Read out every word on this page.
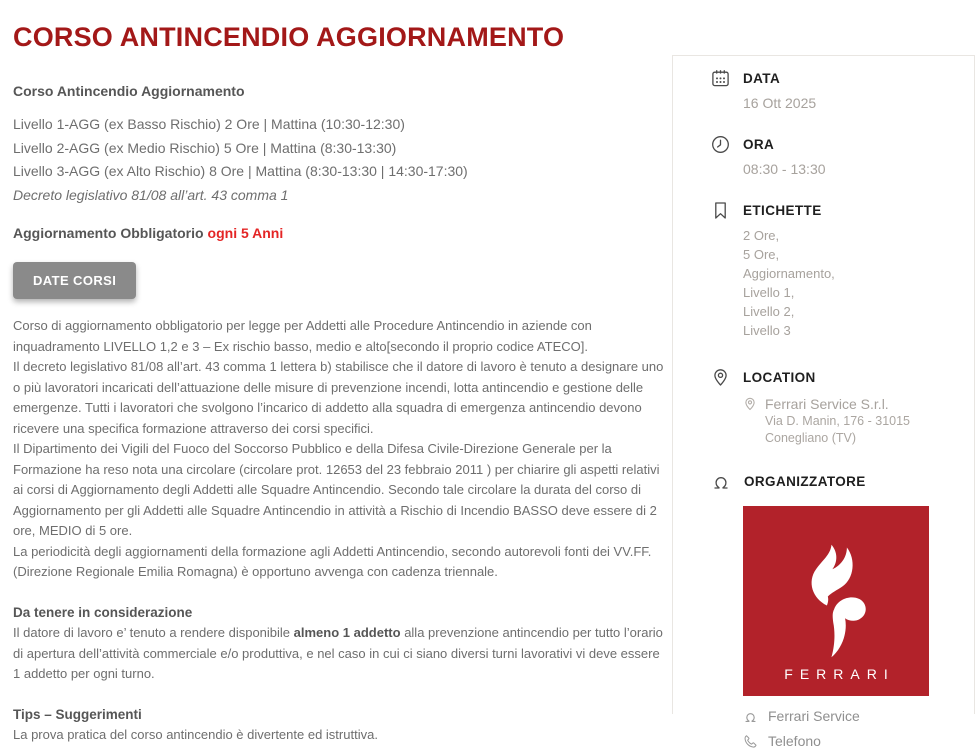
CORSO ANTINCENDIO AGGIORNAMENTO
Corso Antincendio Aggiornamento
Livello 1-AGG (ex Basso Rischio) 2 Ore | Mattina (10:30-12:30)
Livello 2-AGG (ex Medio Rischio) 5 Ore | Mattina (8:30-13:30)
Livello 3-AGG (ex Alto Rischio) 8 Ore | Mattina (8:30-13:30 | 14:30-17:30)
Decreto legislativo 81/08 all’art. 43 comma 1
Aggiornamento Obbligatorio ogni 5 Anni
DATE CORSI

Corso di aggiornamento obbligatorio per legge per Addetti alle Procedure Antincendio in aziende con inquadramento LIVELLO 1,2 e 3 – Ex rischio basso, medio e alto[secondo il proprio codice ATECO].

Il decreto legislativo 81/08 all’art. 43 comma 1 lettera b) stabilisce che il datore di lavoro è tenuto a designare uno o più lavoratori incaricati dell’attuazione delle misure di prevenzione incendi, lotta antincendio e gestione delle emergenze. Tutti i lavoratori che svolgono l’incarico di addetto alla squadra di emergenza antincendio devono ricevere una specifica formazione attraverso dei corsi specifici.

Il Dipartimento dei Vigili del Fuoco del Soccorso Pubblico e della Difesa Civile-Direzione Generale per la Formazione ha reso nota una circolare (circolare prot. 12653 del 23 febbraio 2011 ) per chiarire gli aspetti relativi ai corsi di Aggiornamento degli Addetti alle Squadre Antincendio. Secondo tale circolare la durata del corso di Aggiornamento per gli Addetti alle Squadre Antincendio in attività a Rischio di Incendio BASSO deve essere di 2 ore, MEDIO di 5 ore.

La periodicità degli aggiornamenti della formazione agli Addetti Antincendio, secondo autorevoli fonti dei VV.FF. (Direzione Regionale Emilia Romagna) è opportuno avvenga con cadenza triennale.

Da tenere in considerazione

Il datore di lavoro e’ tenuto a rendere disponibile almeno 1 addetto alla prevenzione antincendio per tutto l’orario di apertura dell’attività commerciale e/o produttiva, e nel caso in cui ci siano diversi turni lavorativi vi deve essere 1 addetto per ogni turno.

Tips – Suggerimenti

La prova pratica del corso antincendio è divertente ed istruttiva.

DATA
16 Ott 2025
ORA
08:30 - 13:30
ETICHETTE
2 Ore,
5 Ore,
Aggiornamento,
Livello 1,
Livello 2,
Livello 3
LOCATION
Ferrari Service S.r.l.
Via D. Manin, 176 - 31015
Conegliano (TV)
ORGANIZZATORE
FERRARI
Ferrari Service
Telefono
